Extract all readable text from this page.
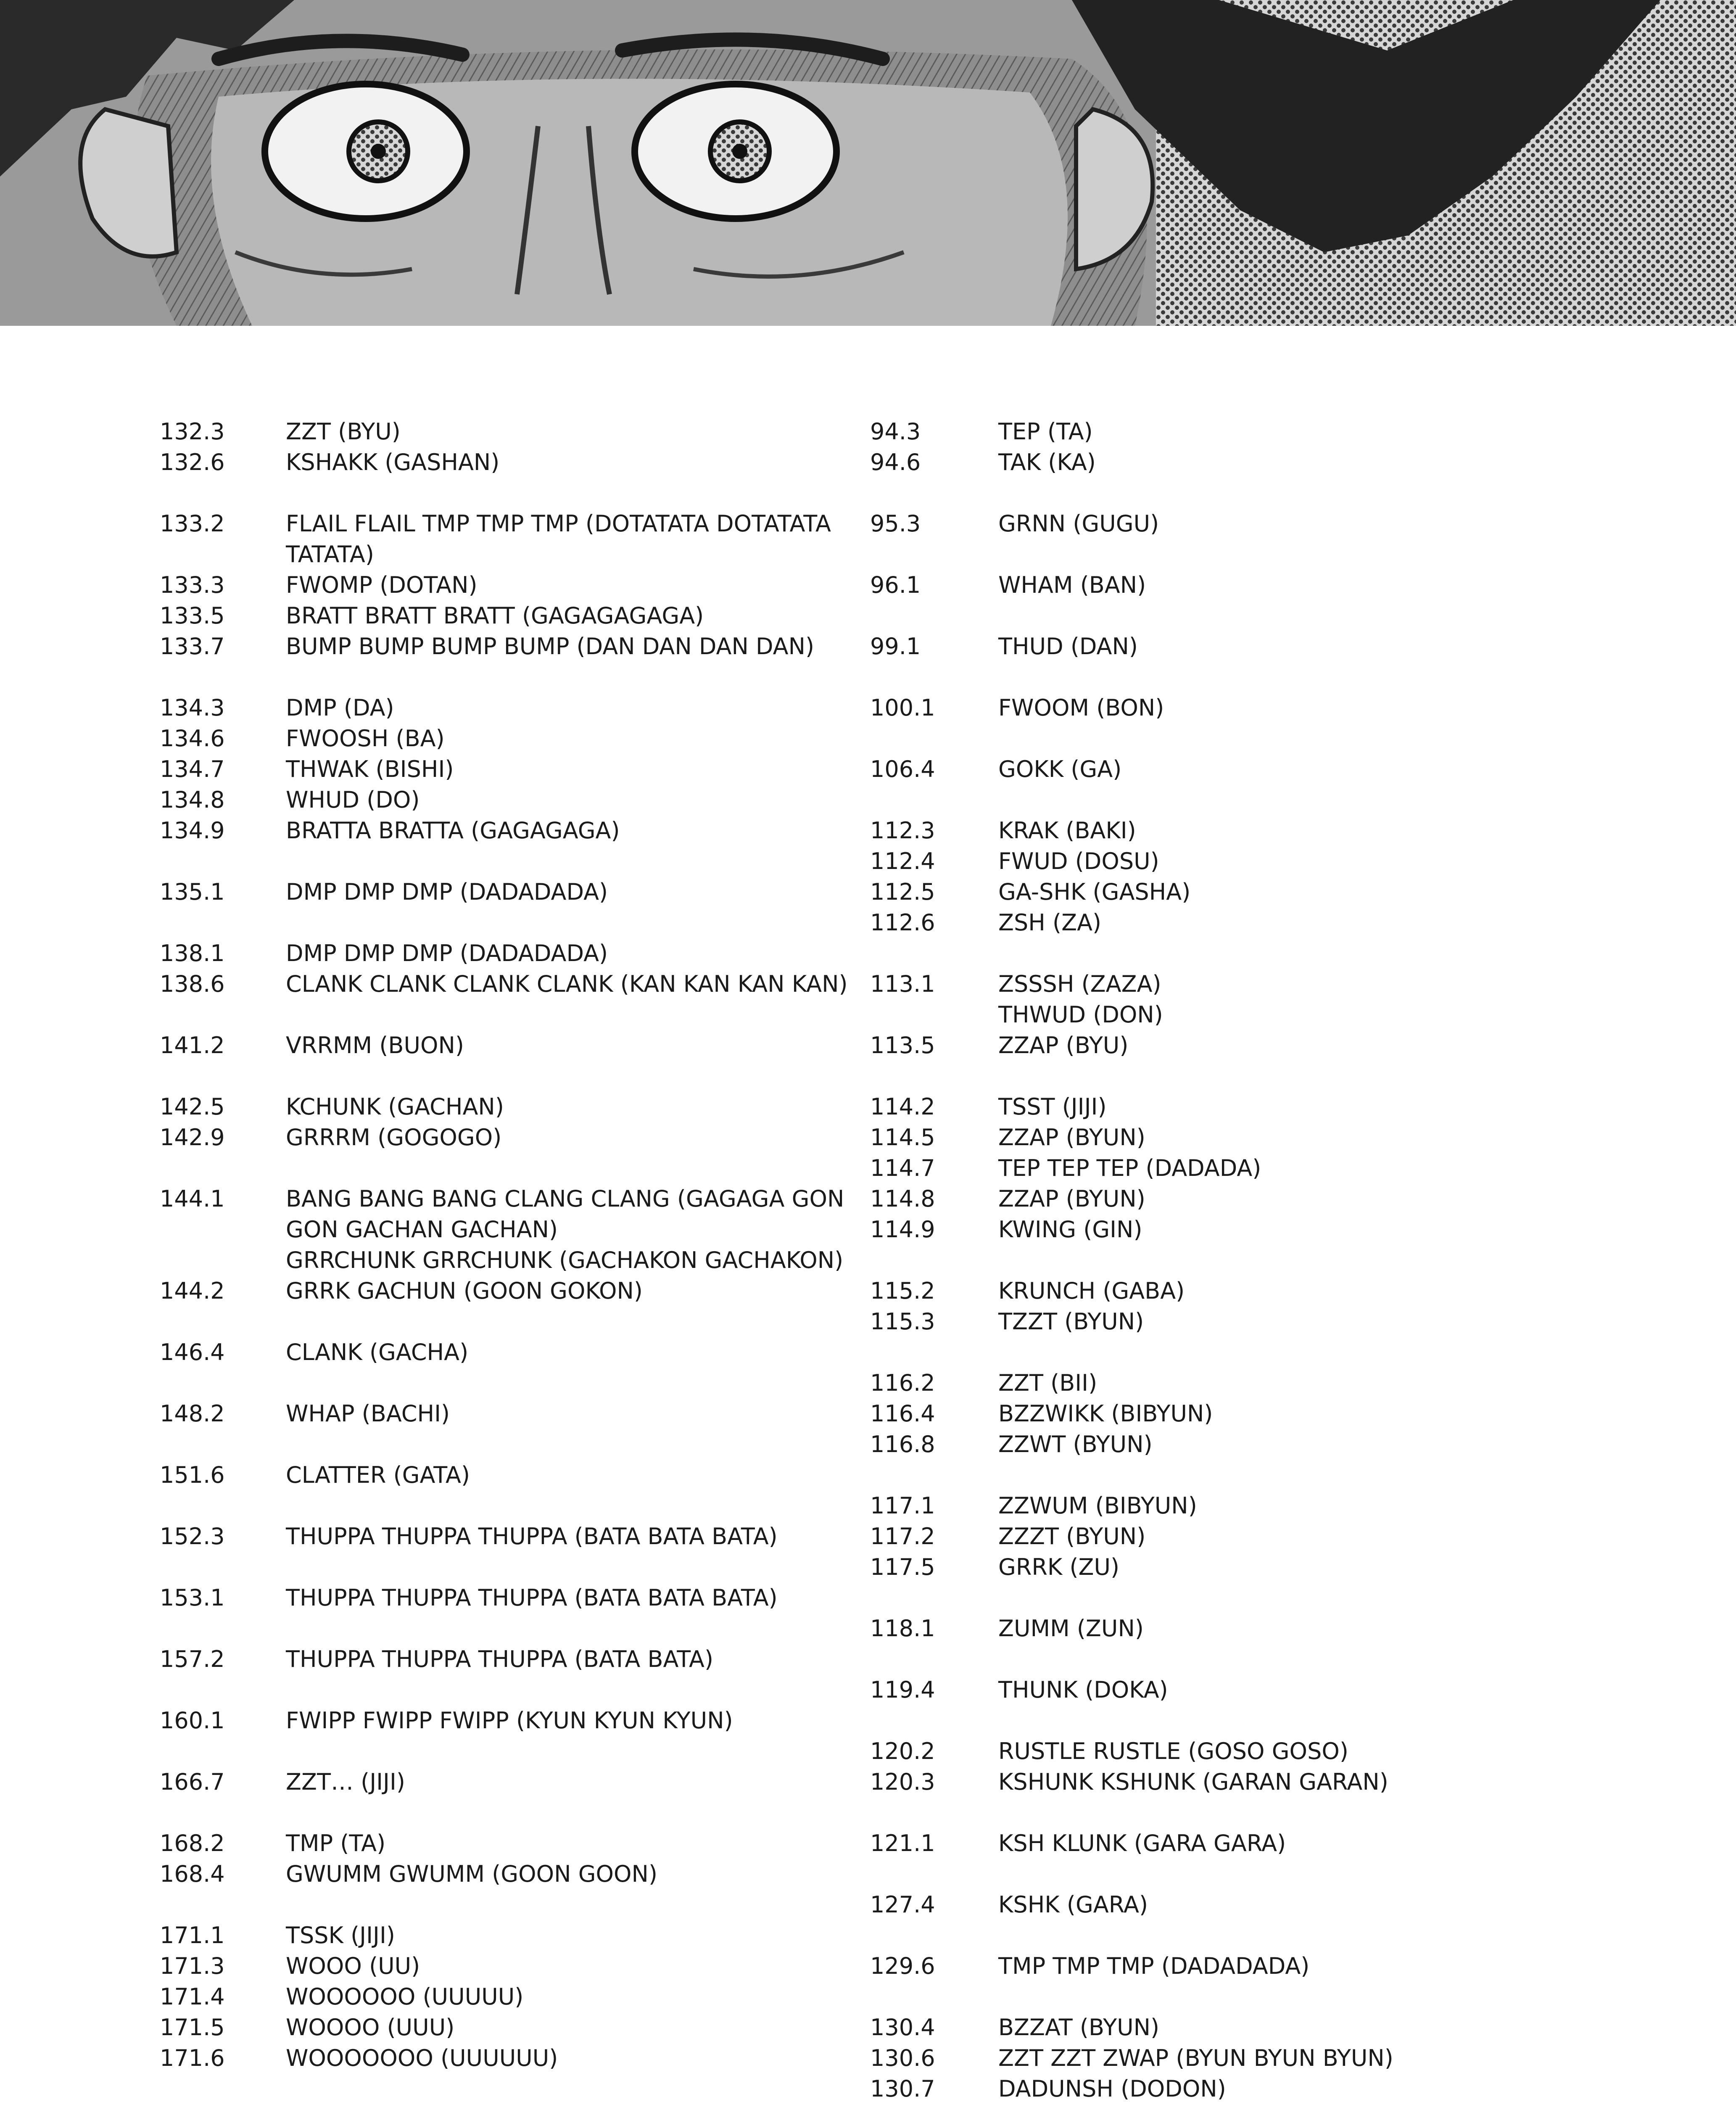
132.3	ZZT (BYU)
132.6	KSHAKK (GASHAN)
133.2	FLAIL FLAIL TMP TMP TMP (DOTATATA DOTATATA TATATA)
133.3	FWOMP (DOTAN)
133.5	BRATT BRATT BRATT (GAGAGAGAGA)
133.7	BUMP BUMP BUMP BUMP (DAN DAN DAN DAN)
134.3	DMP (DA)
134.6	FWOOSH (BA)
134.7	THWAK (BISHI)
134.8	WHUD (DO)
134.9	BRATTA BRATTA (GAGAGAGA)
135.1	DMP DMP DMP (DADADADA)
138.1	DMP DMP DMP (DADADADA)
138.6	CLANK CLANK CLANK CLANK (KAN KAN KAN KAN)
141.2	VRRMM (BUON)
142.5	KCHUNK (GACHAN)
142.9	GRRRM (GOGOGO)
144.1	BANG BANG BANG CLANG CLANG (GAGAGA GON GON GACHAN GACHAN)
GRRCHUNK GRRCHUNK (GACHAKON GACHAKON)
144.2	GRRK GACHUN (GOON GOKON)
146.4	CLANK (GACHA)
148.2	WHAP (BACHI)
151.6	CLATTER (GATA)
152.3	THUPPA THUPPA THUPPA (BATA BATA BATA)
153.1	THUPPA THUPPA THUPPA (BATA BATA BATA)
157.2	THUPPA THUPPA THUPPA (BATA BATA)
160.1	FWIPP FWIPP FWIPP (KYUN KYUN KYUN)
166.7	ZZT… (JIJI)
168.2	TMP (TA)
168.4	GWUMM GWUMM (GOON GOON)
171.1	TSSK (JIJI)
171.3	WOOO (UU)
171.4	WOOOOOO (UUUUU)
171.5	WOOOO (UUU)
171.6	WOOOOOOO (UUUUUU)
94.3	TEP (TA)
94.6	TAK (KA)
95.3	GRNN (GUGU)
96.1	WHAM (BAN)
99.1	THUD (DAN)
100.1	FWOOM (BON)
106.4	GOKK (GA)
112.3	KRAK (BAKI)
112.4	FWUD (DOSU)
112.5	GA-SHK (GASHA)
112.6	ZSH (ZA)
113.1	ZSSSH (ZAZA)
THWUD (DON)
113.5	ZZAP (BYU)
114.2	TSST (JIJI)
114.5	ZZAP (BYUN)
114.7	TEP TEP TEP (DADADA)
114.8	ZZAP (BYUN)
114.9	KWING (GIN)
115.2	KRUNCH (GABA)
115.3	TZZT (BYUN)
116.2	ZZT (BII)
116.4	BZZWIKK (BIBYUN)
116.8	ZZWT (BYUN)
117.1	ZZWUM (BIBYUN)
117.2	ZZZT (BYUN)
117.5	GRRK (ZU)
118.1	ZUMM (ZUN)
119.4	THUNK (DOKA)
120.2	RUSTLE RUSTLE (GOSO GOSO)
120.3	KSHUNK KSHUNK (GARAN GARAN)
121.1	KSH KLUNK (GARA GARA)
127.4	KSHK (GARA)
129.6	TMP TMP TMP (DADADADA)
130.4	BZZAT (BYUN)
130.6	ZZT ZZT ZWAP (BYUN BYUN BYUN)
130.7	DADUNSH (DODON)
